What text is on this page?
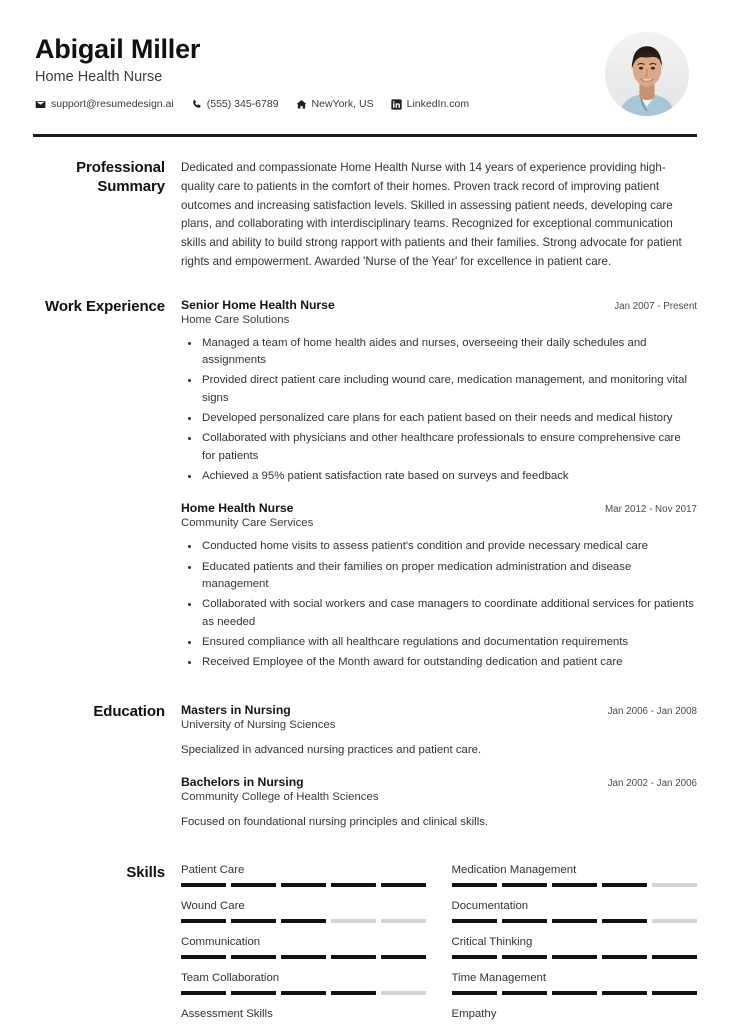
Abigail Miller
Home Health Nurse
support@resumedesign.ai	(555) 345-6789	NewYork, US	LinkedIn.com
Professional Summary
Dedicated and compassionate Home Health Nurse with 14 years of experience providing high-quality care to patients in the comfort of their homes. Proven track record of improving patient outcomes and increasing satisfaction levels. Skilled in assessing patient needs, developing care plans, and collaborating with interdisciplinary teams. Recognized for exceptional communication skills and ability to build strong rapport with patients and their families. Strong advocate for patient rights and empowerment. Awarded 'Nurse of the Year' for excellence in patient care.
Work Experience	Senior Home Health Nurse	Jan 2007 - Present
Home Care Solutions
Managed a team of home health aides and nurses, overseeing their daily schedules and assignments
Provided direct patient care including wound care, medication management, and monitoring vital signs
Developed personalized care plans for each patient based on their needs and medical history
Collaborated with physicians and other healthcare professionals to ensure comprehensive care for patients
Achieved a 95% patient satisfaction rate based on surveys and feedback
Home Health Nurse	Mar 2012 - Nov 2017
Community Care Services
Conducted home visits to assess patient's condition and provide necessary medical care
Educated patients and their families on proper medication administration and disease management
Collaborated with social workers and case managers to coordinate additional services for patients as needed
Ensured compliance with all healthcare regulations and documentation requirements
Received Employee of the Month award for outstanding dedication and patient care
Education	Masters in Nursing	Jan 2006 - Jan 2008
University of Nursing Sciences
Specialized in advanced nursing practices and patient care.
Bachelors in Nursing	Jan 2002 - Jan 2006
Community College of Health Sciences
Focused on foundational nursing principles and clinical skills.
Skills	Patient Care	Medication Management
Wound Care	Documentation
Communication	Critical Thinking
Team Collaboration	Time Management
Assessment Skills	Empathy
